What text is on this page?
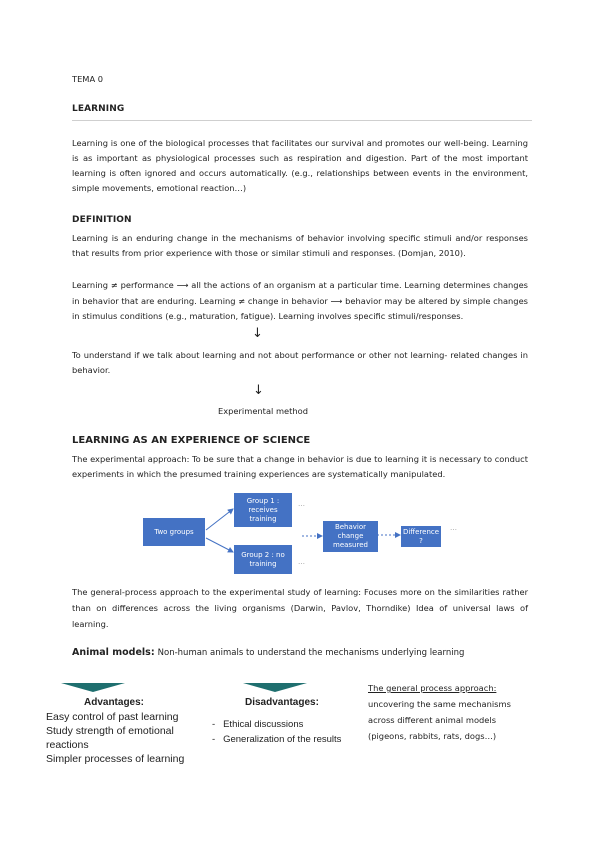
TEMA 0
LEARNING
Learning is one of the biological processes that facilitates our survival and promotes our well-being. Learning is as important as physiological processes such as respiration and digestion. Part of the most important learning is often ignored and occurs automatically. (e.g., relationships between events in the environment, simple movements, emotional reaction…)
DEFINITION
Learning is an enduring change in the mechanisms of behavior involving specific stimuli and/or responses that results from prior experience with those or similar stimuli and responses. (Domjan, 2010).
Learning ≠ performance ⟶ all the actions of an organism at a particular time. Learning determines changes in behavior that are enduring. Learning ≠ change in behavior ⟶ behavior may be altered by simple changes in stimulus conditions (e.g., maturation, fatigue). Learning involves specific stimuli/responses.
↓
To understand if we talk about learning and not about performance or other not learning- related changes in behavior.
↓
Experimental method
LEARNING AS AN EXPERIENCE OF SCIENCE
The experimental approach: To be sure that a change in behavior is due to learning it is necessary to conduct experiments in which the presumed training experiences are systematically manipulated.
Two groups
Group 1 : receives training
Group 2 : no training
Behavior change measured
Difference ?
…
…
…
The general-process approach to the experimental study of learning: Focuses more on the similarities rather than on differences across the living organisms (Darwin, Pavlov, Thorndike) Idea of universal laws of learning.
Animal models: Non-human animals to understand the mechanisms underlying learning
Advantages:
Easy control of past learning
Study strength of emotional reactions
Simpler processes of learning
Disadvantages:
- Ethical discussions
- Generalization of the results
The general process approach:
uncovering the same mechanisms across different animal models (pigeons, rabbits, rats, dogs…)
